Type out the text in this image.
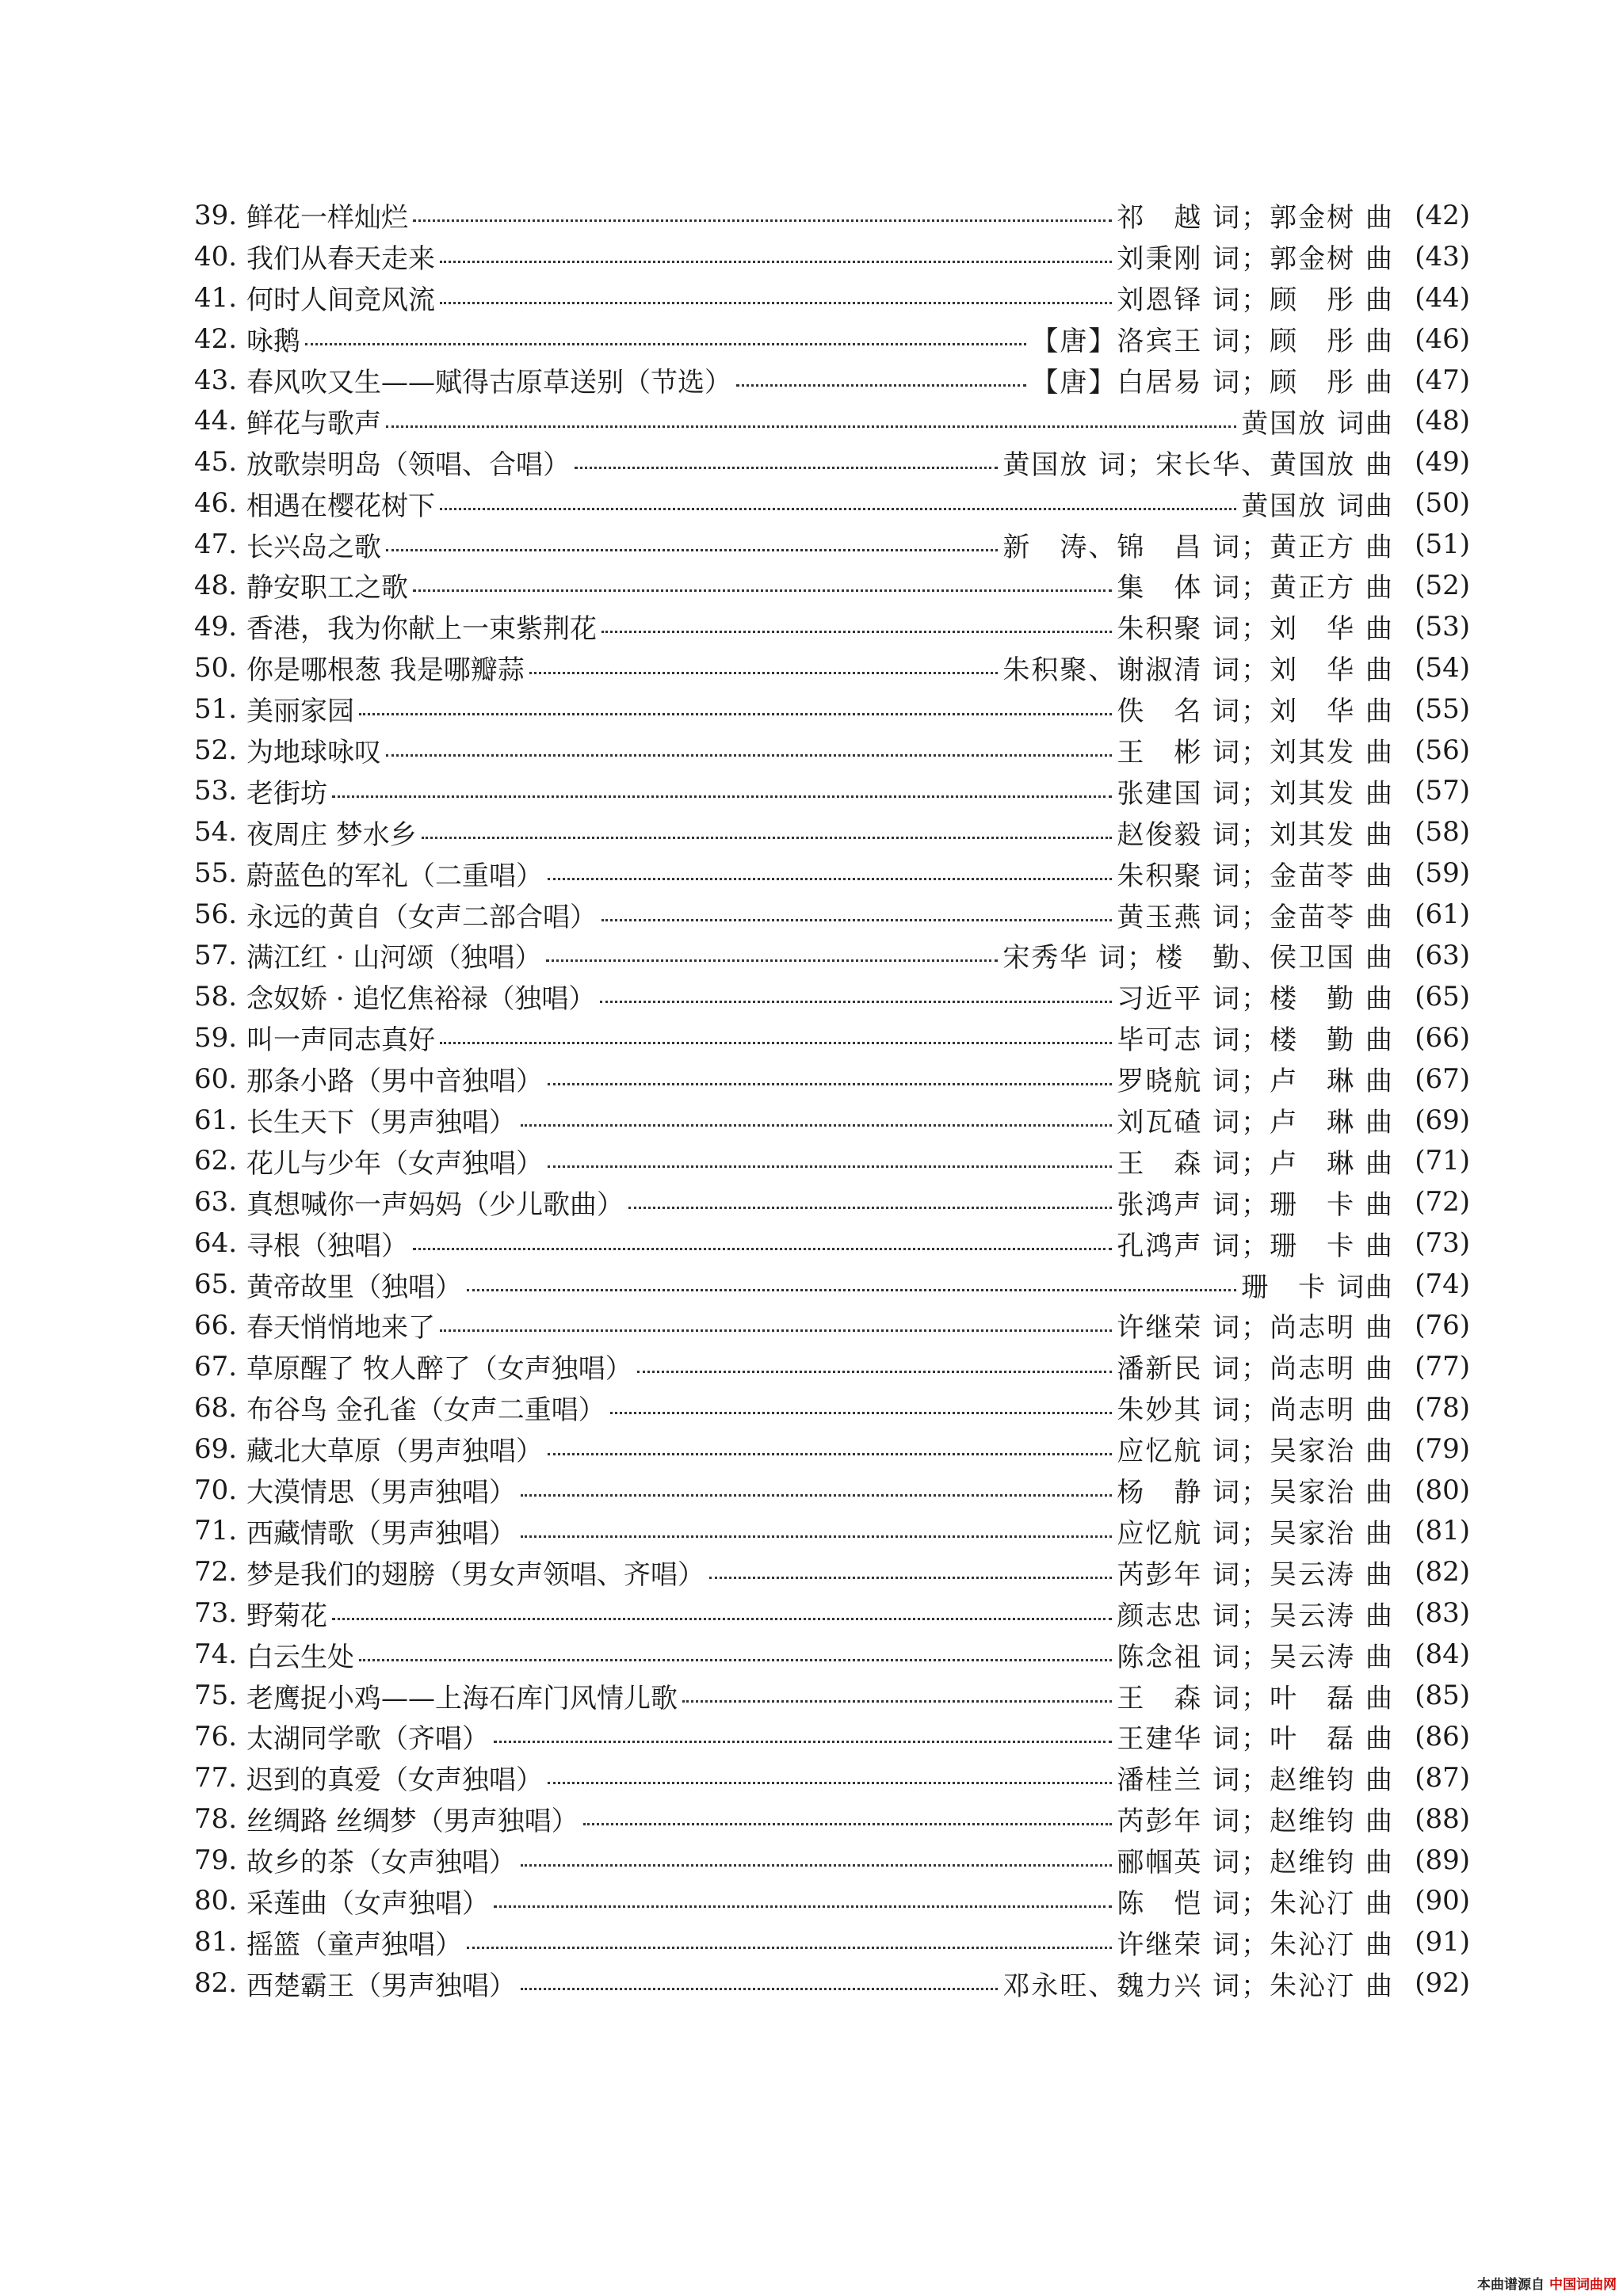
39. 鲜花一样灿烂	祁　越 词；郭金树 曲 (42)
40. 我们从春天走来	刘秉刚 词；郭金树 曲 (43)
41. 何时人间竞风流	刘恩铎 词；顾　彤 曲 (44)
42. 咏鹅	【唐】洛宾王 词；顾　彤 曲 (46)
43. 春风吹又生——赋得古原草送别（节选）	【唐】白居易 词；顾　彤 曲 (47)
44. 鲜花与歌声	黄国放 词曲 (48)
45. 放歌崇明岛（领唱、合唱）	黄国放 词；宋长华、黄国放 曲 (49)
46. 相遇在樱花树下	黄国放 词曲 (50)
47. 长兴岛之歌	新　涛、锦　昌 词；黄正方 曲 (51)
48. 静安职工之歌	集　体 词；黄正方 曲 (52)
49. 香港，我为你献上一束紫荆花	朱积聚 词；刘　华 曲 (53)
50. 你是哪根葱 我是哪瓣蒜	朱积聚、谢淑清 词；刘　华 曲 (54)
51. 美丽家园	佚　名 词；刘　华 曲 (55)
52. 为地球咏叹	王　彬 词；刘其发 曲 (56)
53. 老街坊	张建国 词；刘其发 曲 (57)
54. 夜周庄 梦水乡	赵俊毅 词；刘其发 曲 (58)
55. 蔚蓝色的军礼（二重唱）	朱积聚 词；金苗苓 曲 (59)
56. 永远的黄自（女声二部合唱）	黄玉燕 词；金苗苓 曲 (61)
57. 满江红 · 山河颂（独唱）	宋秀华 词；楼　勤、侯卫国 曲 (63)
58. 念奴娇 · 追忆焦裕禄（独唱）	习近平 词；楼　勤 曲 (65)
59. 叫一声同志真好	毕可志 词；楼　勤 曲 (66)
60. 那条小路（男中音独唱）	罗晓航 词；卢　琳 曲 (67)
61. 长生天下（男声独唱）	刘瓦碴 词；卢　琳 曲 (69)
62. 花儿与少年（女声独唱）	王　森 词；卢　琳 曲 (71)
63. 真想喊你一声妈妈（少儿歌曲）	张鸿声 词；珊　卡 曲 (72)
64. 寻根（独唱）	孔鸿声 词；珊　卡 曲 (73)
65. 黄帝故里（独唱）	珊　卡 词曲 (74)
66. 春天悄悄地来了	许继荣 词；尚志明 曲 (76)
67. 草原醒了 牧人醉了（女声独唱）	潘新民 词；尚志明 曲 (77)
68. 布谷鸟 金孔雀（女声二重唱）	朱妙其 词；尚志明 曲 (78)
69. 藏北大草原（男声独唱）	应忆航 词；吴家治 曲 (79)
70. 大漠情思（男声独唱）	杨　静 词；吴家治 曲 (80)
71. 西藏情歌（男声独唱）	应忆航 词；吴家治 曲 (81)
72. 梦是我们的翅膀（男女声领唱、齐唱）	芮彭年 词；吴云涛 曲 (82)
73. 野菊花	颜志忠 词；吴云涛 曲 (83)
74. 白云生处	陈念祖 词；吴云涛 曲 (84)
75. 老鹰捉小鸡——上海石库门风情儿歌	王　森 词；叶　磊 曲 (85)
76. 太湖同学歌（齐唱）	王建华 词；叶　磊 曲 (86)
77. 迟到的真爱（女声独唱）	潘桂兰 词；赵维钧 曲 (87)
78. 丝绸路 丝绸梦（男声独唱）	芮彭年 词；赵维钧 曲 (88)
79. 故乡的茶（女声独唱）	郦帼英 词；赵维钧 曲 (89)
80. 采莲曲（女声独唱）	陈　恺 词；朱沁汀 曲 (90)
81. 摇篮（童声独唱）	许继荣 词；朱沁汀 曲 (91)
82. 西楚霸王（男声独唱）	邓永旺、魏力兴 词；朱沁汀 曲 (92)
本曲谱源自 中国词曲网
